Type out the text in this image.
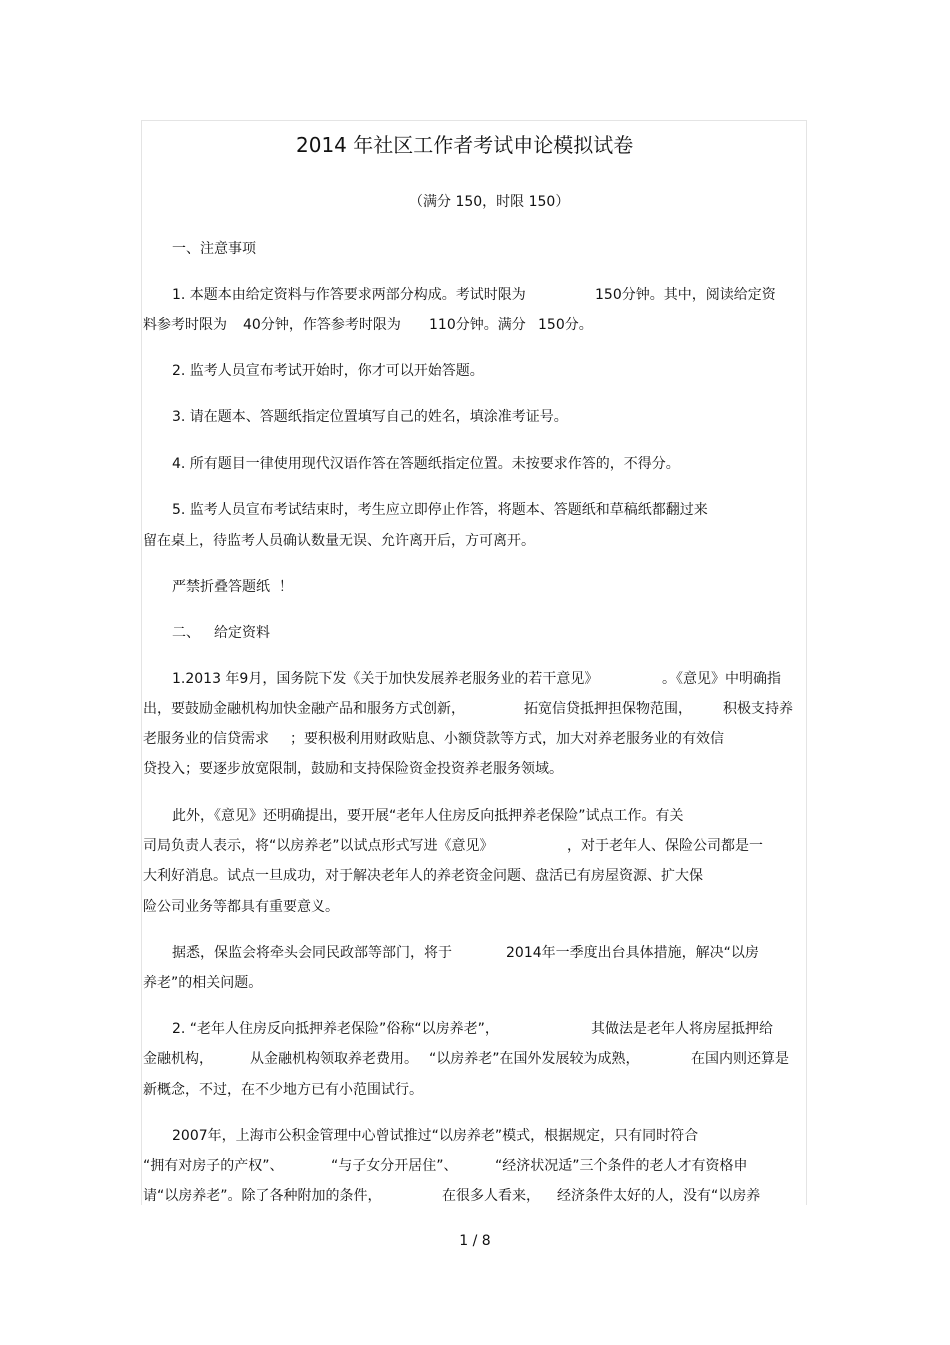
2014 年社区工作者考试申论模拟试卷
（满分 150，时限 150）
一、注意事项
1. 本题本由给定资料与作答要求两部分构成。考试时限为	150分钟。其中，阅读给定资
料参考时限为 40分钟，作答参考时限为 110分钟。满分 150分。
2. 监考人员宣布考试开始时，你才可以开始答题。
3. 请在题本、答题纸指定位置填写自己的姓名，填涂准考证号。
4. 所有题目一律使用现代汉语作答在答题纸指定位置。未按要求作答的，不得分。
5. 监考人员宣布考试结束时，考生应立即停止作答，将题本、答题纸和草稿纸都翻过来
留在桌上，待监考人员确认数量无误、允许离开后，方可离开。
严禁折叠答题纸  ！
二、 给定资料
1.2013 年9月，国务院下发《关于加快发展养老服务业的若干意见》	。《意见》中明确指
出，要鼓励金融机构加快金融产品和服务方式创新，	拓宽信贷抵押担保物范围， 积极支持养
老服务业的信贷需求 ；要积极利用财政贴息、小额贷款等方式，加大对养老服务业的有效信
贷投入；要逐步放宽限制，鼓励和支持保险资金投资养老服务领域。
此外，《意见》还明确提出，要开展“老年人住房反向抵押养老保险”试点工作。有关
司局负责人表示，将“以房养老”以试点形式写进《意见》	，对于老年人、保险公司都是一
大利好消息。试点一旦成功，对于解决老年人的养老资金问题、盘活已有房屋资源、扩大保
险公司业务等都具有重要意义。
据悉，保监会将牵头会同民政部等部门，将于	2014年一季度出台具体措施，解决“以房
养老”的相关问题。
2. “老年人住房反向抵押养老保险”俗称“以房养老”，	其做法是老年人将房屋抵押给
金融机构，	从金融机构领取养老费用。 “以房养老”在国外发展较为成熟，	在国内则还算是
新概念，不过，在不少地方已有小范围试行。
2007年，上海市公积金管理中心曾试推过“以房养老”模式，根据规定，只有同时符合
“拥有对房子的产权”、	“与子女分开居住”、	“经济状况适”三个条件的老人才有资格申
请“以房养老”。除了各种附加的条件，	在很多人看来， 经济条件太好的人，没有“以房养
1 / 8
